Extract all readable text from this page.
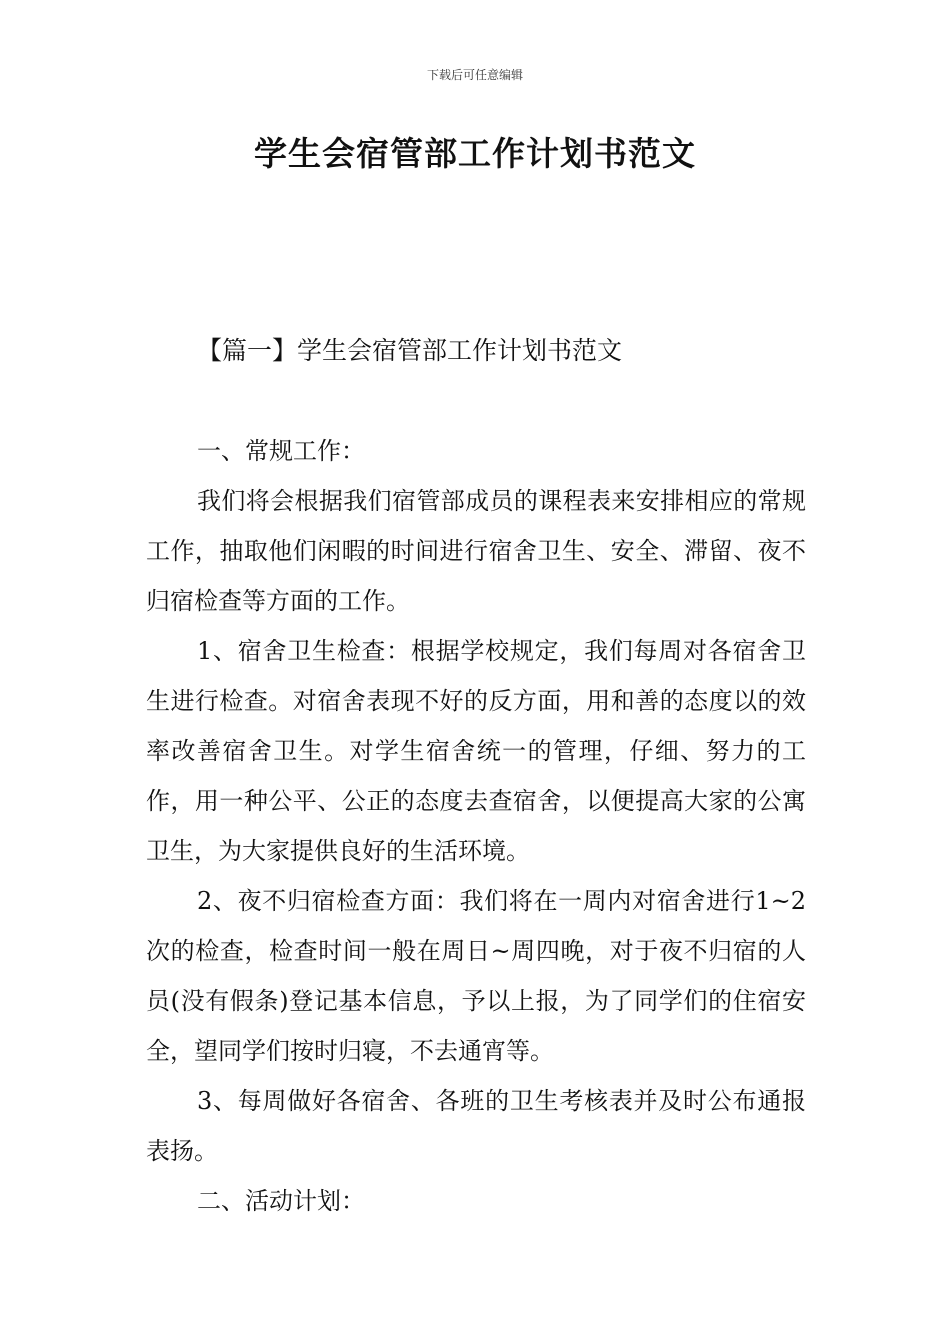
下载后可任意编辑
学生会宿管部工作计划书范文
【篇一】学生会宿管部工作计划书范文

一、常规工作：

我们将会根据我们宿管部成员的课程表来安排相应的常规工作，抽取他们闲暇的时间进行宿舍卫生、安全、滞留、夜不归宿检查等方面的工作。

1、宿舍卫生检查：根据学校规定，我们每周对各宿舍卫生进行检查。对宿舍表现不好的反方面，用和善的态度以的效率改善宿舍卫生。对学生宿舍统一的管理，仔细、努力的工作，用一种公平、公正的态度去查宿舍，以便提高大家的公寓卫生，为大家提供良好的生活环境。

2、夜不归宿检查方面：我们将在一周内对宿舍进行1~2次的检查，检查时间一般在周日~周四晚，对于夜不归宿的人员(没有假条)登记基本信息，予以上报，为了同学们的住宿安全，望同学们按时归寝，不去通宵等。

3、每周做好各宿舍、各班的卫生考核表并及时公布通报表扬。

二、活动计划：
